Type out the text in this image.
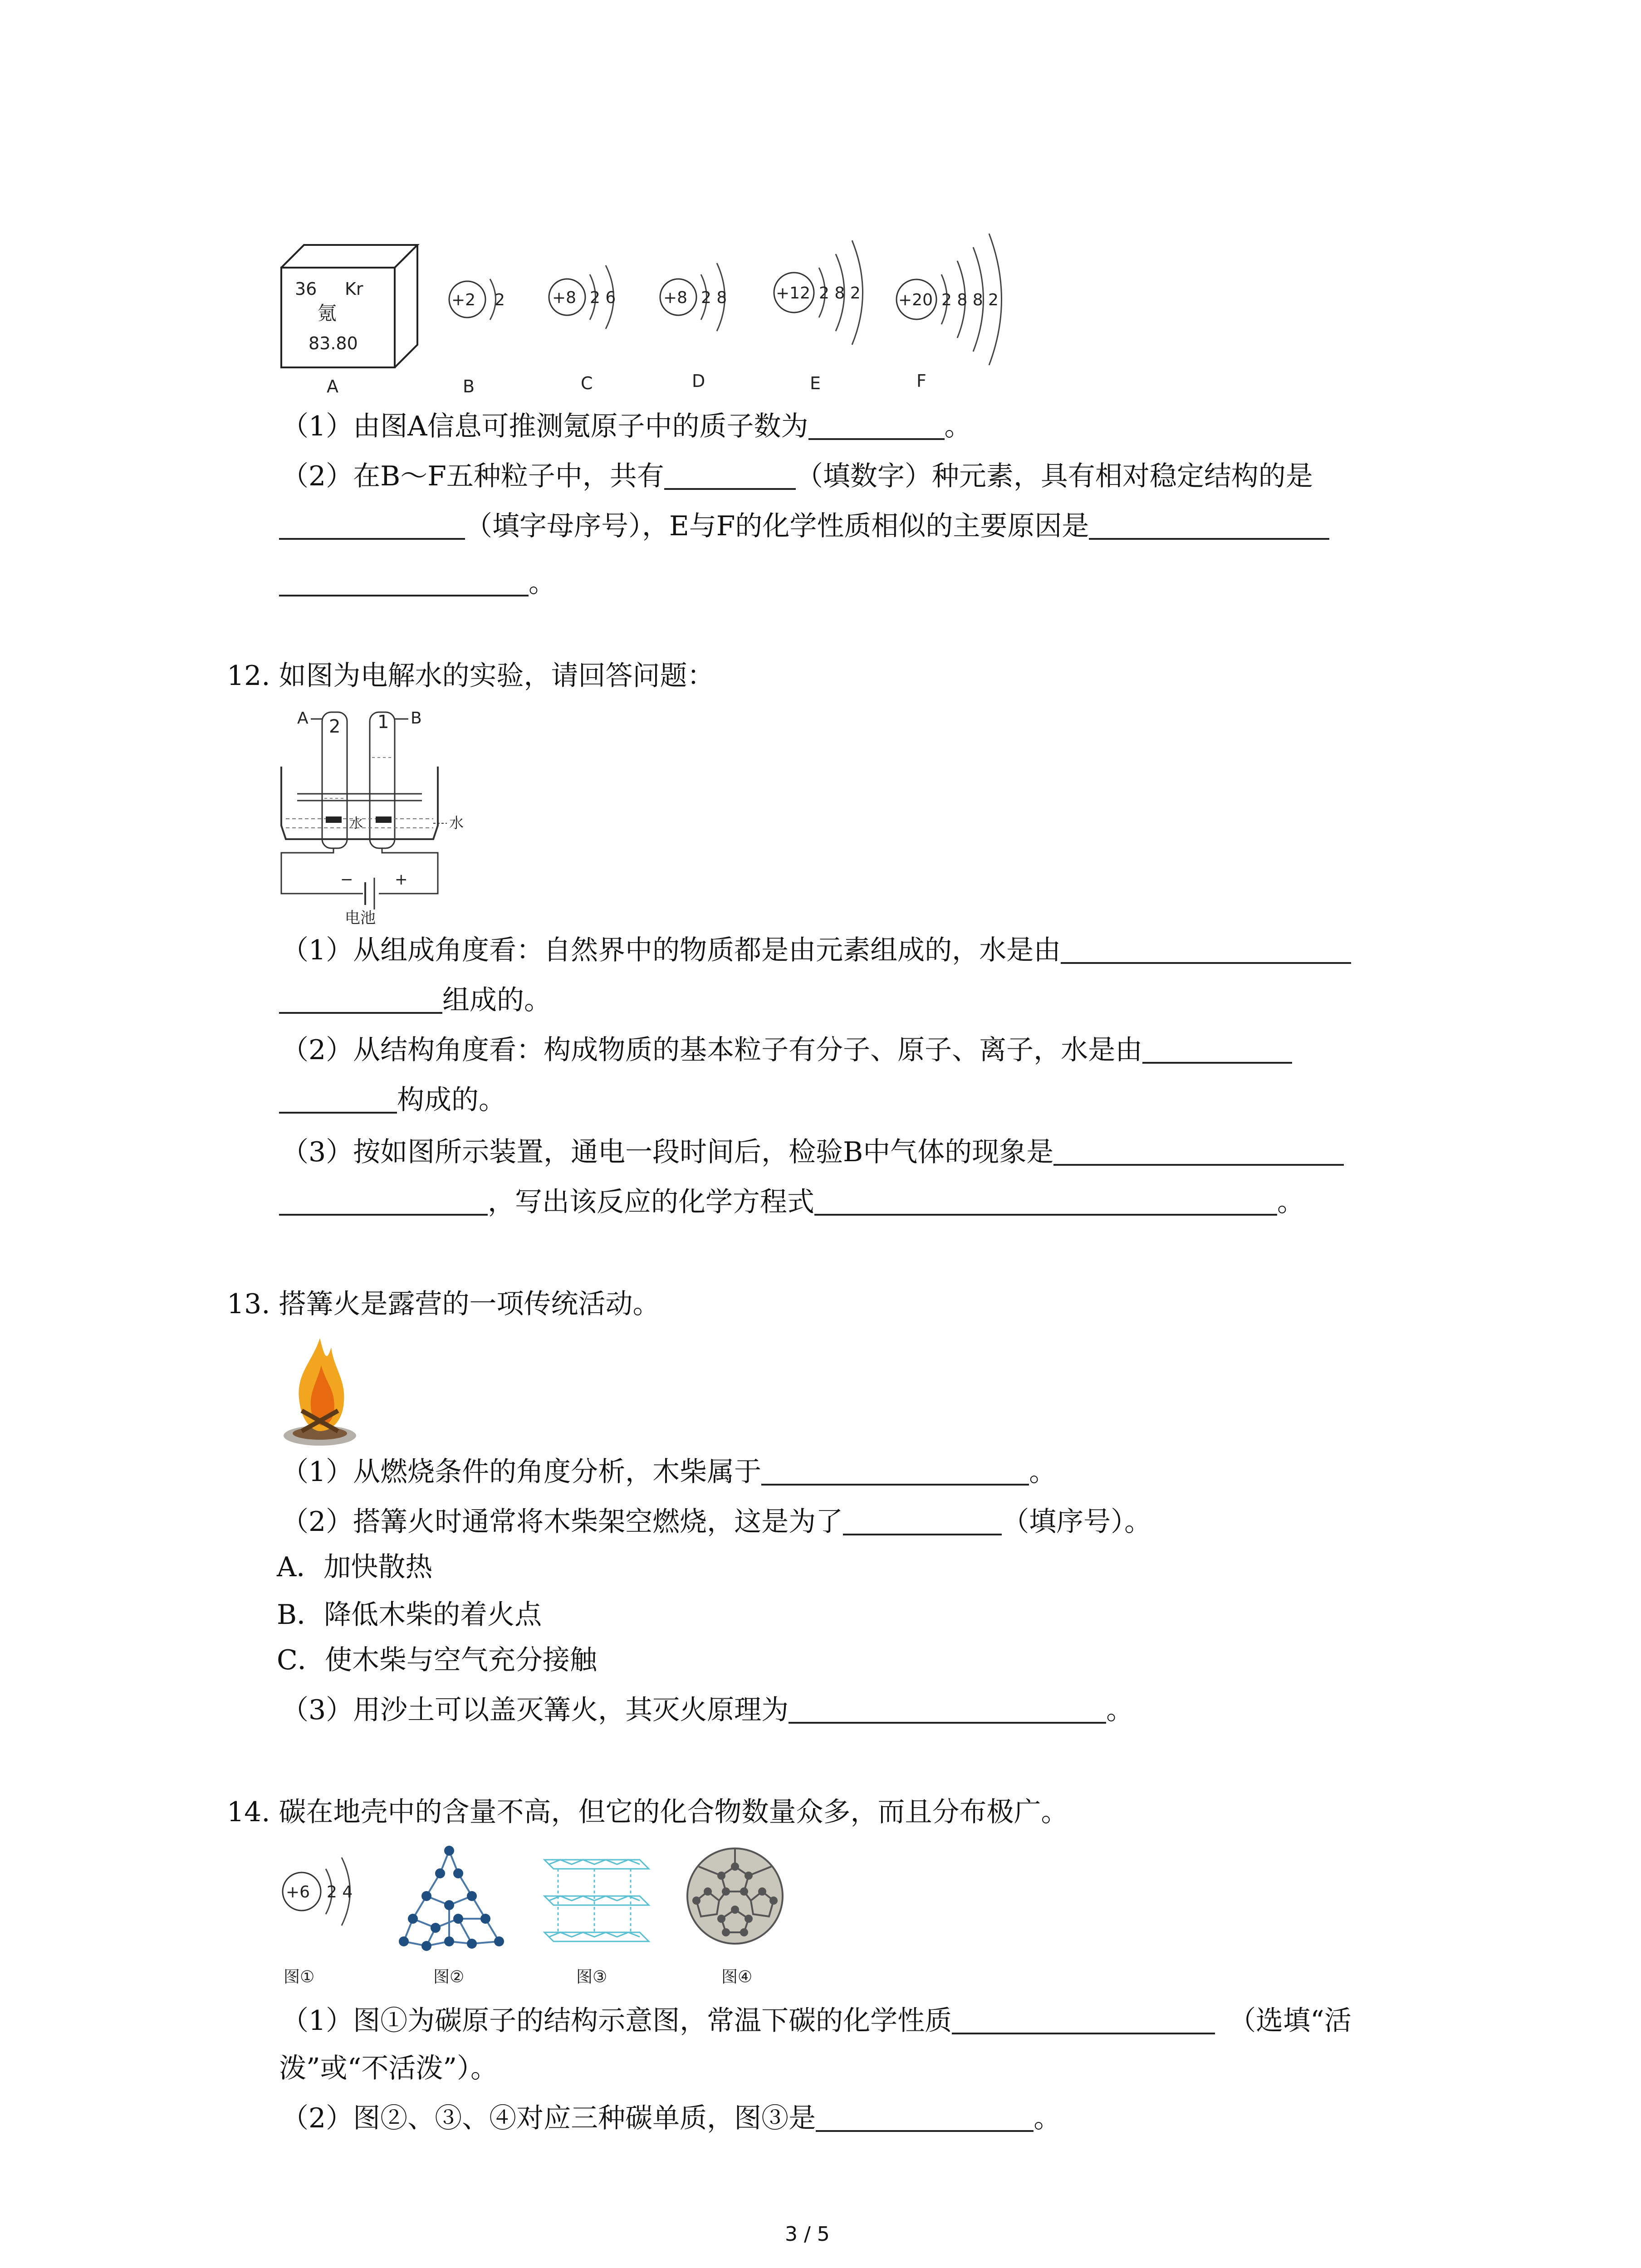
36 Kr
氪
83.80
+2 2	+8 2 6	+8 2 8	+12 2 8 2 +20 2 8 8 2
A	B	C	D	E	F
（1）由图A信息可推测氪原子中的质子数为	。
（2）在B～F五种粒子中，共有	（填数字）种元素，具有相对稳定结构的是
（填字母序号），E与F的化学性质相似的主要原因是
。
12. 如图为电解水的实验，请回答问题：
2 1
A	B
水	水
−	+
电池
（1）从组成角度看：自然界中的物质都是由元素组成的，水是由
组成的。
（2）从结构角度看：构成物质的基本粒子有分子、原子、离子，水是由
构成的。
（3）按如图所示装置，通电一段时间后，检验B中气体的现象是
，写出该反应的化学方程式	。
13. 搭篝火是露营的一项传统活动。
（1）从燃烧条件的角度分析，木柴属于	。
（2）搭篝火时通常将木柴架空燃烧，这是为了	（填序号）。
A．加快散热
B．降低木柴的着火点
C．使木柴与空气充分接触
（3）用沙土可以盖灭篝火，其灭火原理为	。
14. 碳在地壳中的含量不高，但它的化合物数量众多，而且分布极广。
+6 2 4
图①	图②	图③	图④
（1）图①为碳原子的结构示意图，常温下碳的化学性质	（选填“活
泼”或“不活泼”）。
（2）图②、③、④对应三种碳单质，图③是	。
3 / 5
